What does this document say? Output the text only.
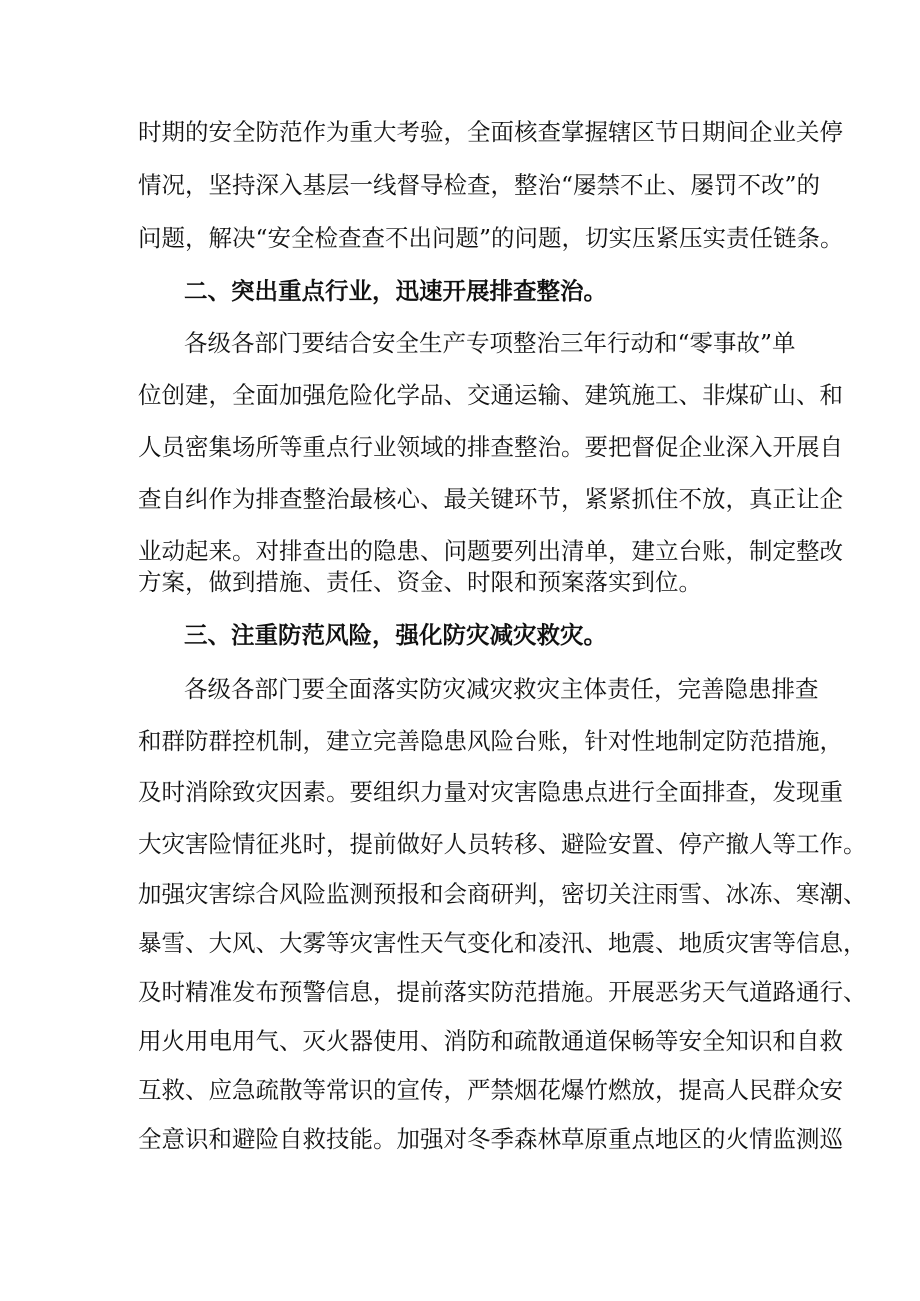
时期的安全防范作为重大考验，全面核查掌握辖区节日期间企业关停
情况，坚持深入基层一线督导检查，整治“屡禁不止、屡罚不改”的
问题，解决“安全检查查不出问题”的问题，切实压紧压实责任链条。
二、突出重点行业，迅速开展排查整治。
各级各部门要结合安全生产专项整治三年行动和“零事故”单
位创建，全面加强危险化学品、交通运输、建筑施工、非煤矿山、和
人员密集场所等重点行业领域的排查整治。要把督促企业深入开展自
查自纠作为排查整治最核心、最关键环节，紧紧抓住不放，真正让企
业动起来。对排查出的隐患、问题要列出清单，建立台账，制定整改
方案，做到措施、责任、资金、时限和预案落实到位。
三、注重防范风险，强化防灾减灾救灾。
各级各部门要全面落实防灾减灾救灾主体责任，完善隐患排查
和群防群控机制，建立完善隐患风险台账，针对性地制定防范措施，
及时消除致灾因素。要组织力量对灾害隐患点进行全面排查，发现重
大灾害险情征兆时，提前做好人员转移、避险安置、停产撤人等工作。
加强灾害综合风险监测预报和会商研判，密切关注雨雪、冰冻、寒潮、
暴雪、大风、大雾等灾害性天气变化和凌汛、地震、地质灾害等信息，
及时精准发布预警信息，提前落实防范措施。开展恶劣天气道路通行、
用火用电用气、灭火器使用、消防和疏散通道保畅等安全知识和自救
互救、应急疏散等常识的宣传，严禁烟花爆竹燃放，提高人民群众安
全意识和避险自救技能。加强对冬季森林草原重点地区的火情监测巡
